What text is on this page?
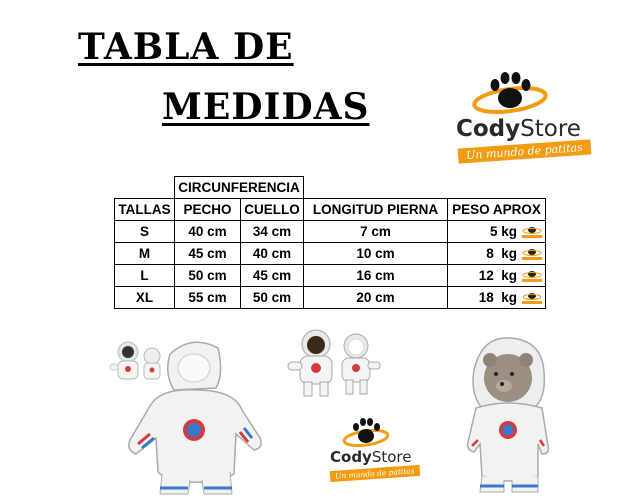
TABLA DE
MEDIDAS
CodyStore
Un mundo de patitas
	CIRCUNFERENCIA			
TALLAS	PECHO	CUELLO	LONGITUD PIERNA	PESO APROX
S	40 cm	34 cm	7 cm	5 kg
M	45 cm	40 cm	10 cm	8  kg
L	50 cm	45 cm	16 cm	12  kg
XL	55 cm	50 cm	20 cm	18  kg
CodyStore
Un mundo de patitas
